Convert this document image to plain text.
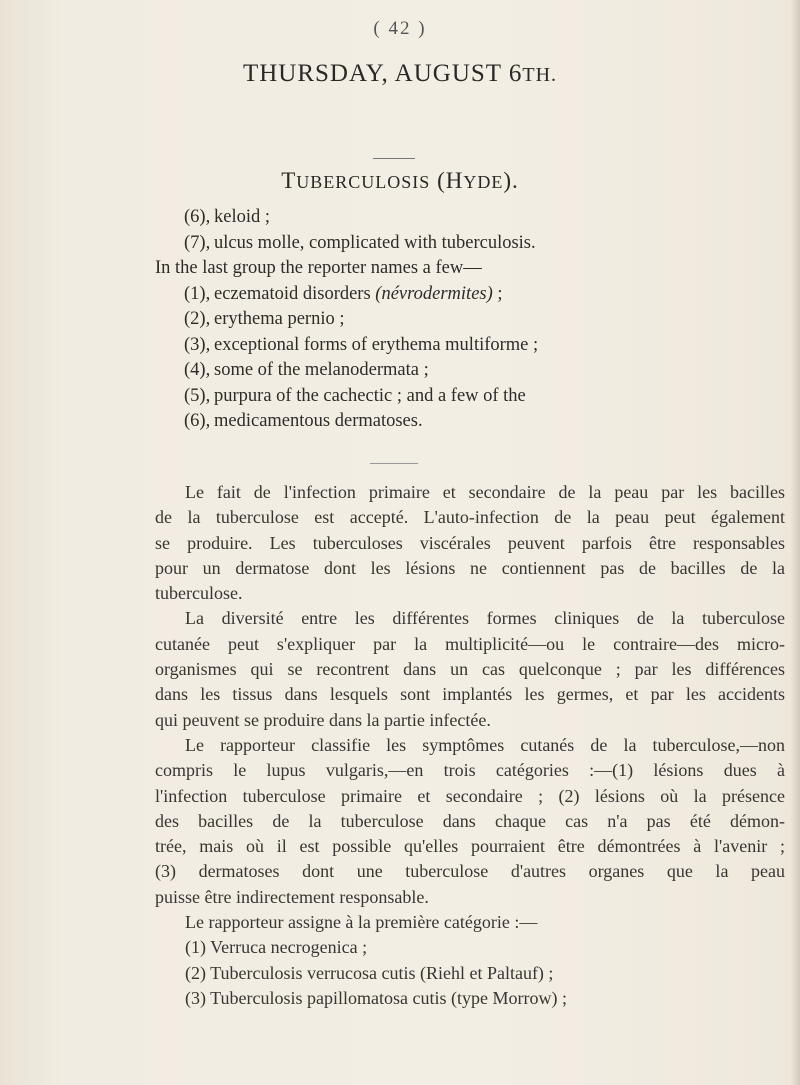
( 42 )
THURSDAY, AUGUST 6TH.
TUBERCULOSIS (HYDE).
(6), keloid ;
(7), ulcus molle, complicated with tuberculosis.
In the last group the reporter names a few—
(1), eczematoid disorders (névrodermites) ;
(2), erythema pernio ;
(3), exceptional forms of erythema multiforme ;
(4), some of the melanodermata ;
(5), purpura of the cachectic ; and a few of the
(6), medicamentous dermatoses.
Le fait de l'infection primaire et secondaire de la peau par les bacilles
de la tuberculose est accepté. L'auto-infection de la peau peut également
se produire. Les tuberculoses viscérales peuvent parfois être responsables
pour un dermatose dont les lésions ne contiennent pas de bacilles de la
tuberculose.
La diversité entre les différentes formes cliniques de la tuberculose
cutanée peut s'expliquer par la multiplicité—ou le contraire—des micro-
organismes qui se recontrent dans un cas quelconque ; par les différences
dans les tissus dans lesquels sont implantés les germes, et par les accidents
qui peuvent se produire dans la partie infectée.
Le rapporteur classifie les symptômes cutanés de la tuberculose,—non
compris le lupus vulgaris,—en trois catégories :—(1) lésions dues à
l'infection tuberculose primaire et secondaire ; (2) lésions où la présence
des bacilles de la tuberculose dans chaque cas n'a pas été démon-
trée, mais où il est possible qu'elles pourraient être démontrées à l'avenir ;
(3) dermatoses dont une tuberculose d'autres organes que la peau
puisse être indirectement responsable.
Le rapporteur assigne à la première catégorie :—
(1) Verruca necrogenica ;
(2) Tuberculosis verrucosa cutis (Riehl et Paltauf) ;
(3) Tuberculosis papillomatosa cutis (type Morrow) ;
